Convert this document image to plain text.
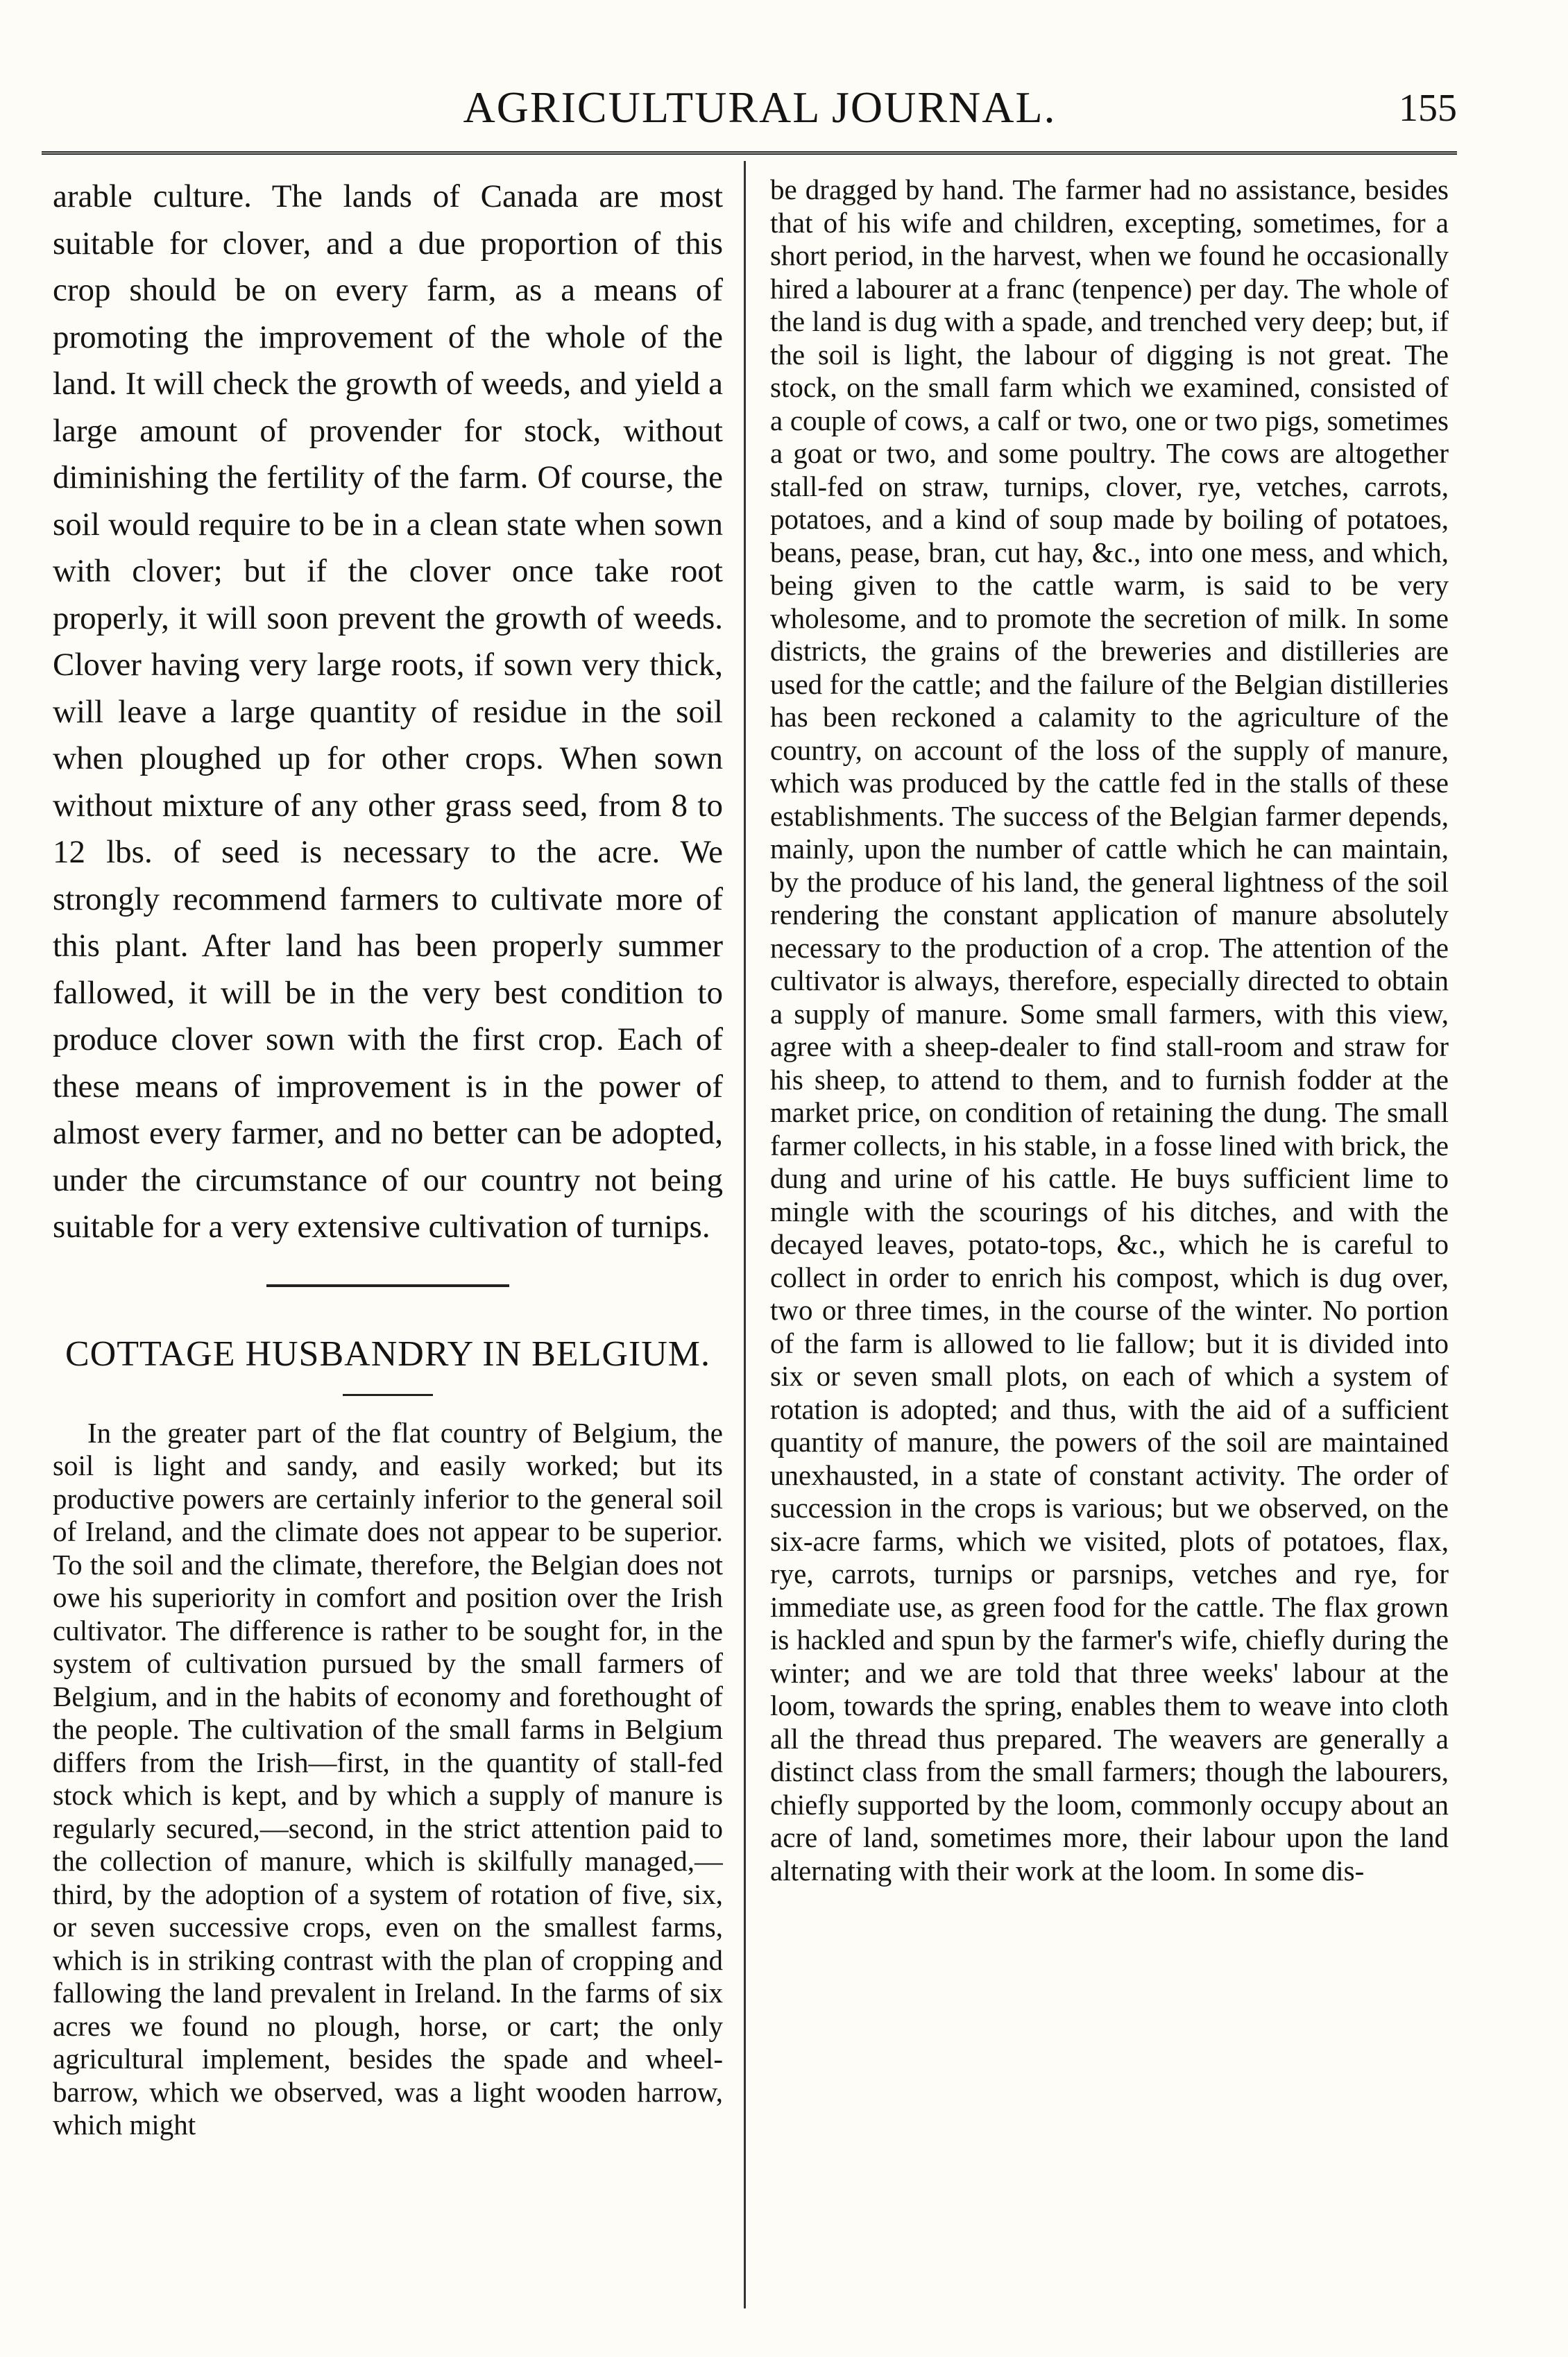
AGRICULTURAL JOURNAL.	155

arable culture. The lands of Canada are most suitable for clover, and a due proportion of this crop should be on every farm, as a means of promoting the improvement of the whole of the land. It will check the growth of weeds, and yield a large amount of provender for stock, without diminishing the fertility of the farm. Of course, the soil would require to be in a clean state when sown with clover; but if the clover once take root properly, it will soon prevent the growth of weeds. Clover having very large roots, if sown very thick, will leave a large quantity of residue in the soil when ploughed up for other crops. When sown without mixture of any other grass seed, from 8 to 12 lbs. of seed is necessary to the acre. We strongly recommend farmers to cultivate more of this plant. After land has been properly summer fallowed, it will be in the very best condition to produce clover sown with the first crop. Each of these means of improvement is in the power of almost every farmer, and no better can be adopted, under the circumstance of our country not being suitable for a very extensive cultivation of turnips.

COTTAGE HUSBANDRY IN BELGIUM.

In the greater part of the flat country of Belgium, the soil is light and sandy, and easily worked; but its productive powers are certainly inferior to the general soil of Ireland, and the climate does not appear to be superior. To the soil and the climate, therefore, the Belgian does not owe his superiority in comfort and position over the Irish cultivator. The difference is rather to be sought for, in the system of cultivation pursued by the small farmers of Belgium, and in the habits of economy and forethought of the people. The cultivation of the small farms in Belgium differs from the Irish—first, in the quantity of stall-fed stock which is kept, and by which a supply of manure is regularly secured,—second, in the strict attention paid to the collection of manure, which is skilfully managed,—third, by the adoption of a system of rotation of five, six, or seven successive crops, even on the smallest farms, which is in striking contrast with the plan of cropping and fallowing the land prevalent in Ireland. In the farms of six acres we found no plough, horse, or cart; the only agricultural implement, besides the spade and wheel-barrow, which we observed, was a light wooden harrow, which might

be dragged by hand. The farmer had no assistance, besides that of his wife and children, excepting, sometimes, for a short period, in the harvest, when we found he occasionally hired a labourer at a franc (tenpence) per day. The whole of the land is dug with a spade, and trenched very deep; but, if the soil is light, the labour of digging is not great. The stock, on the small farm which we examined, consisted of a couple of cows, a calf or two, one or two pigs, sometimes a goat or two, and some poultry. The cows are altogether stall-fed on straw, turnips, clover, rye, vetches, carrots, potatoes, and a kind of soup made by boiling of potatoes, beans, pease, bran, cut hay, &c., into one mess, and which, being given to the cattle warm, is said to be very wholesome, and to promote the secretion of milk. In some districts, the grains of the breweries and distilleries are used for the cattle; and the failure of the Belgian distilleries has been reckoned a calamity to the agriculture of the country, on account of the loss of the supply of manure, which was produced by the cattle fed in the stalls of these establishments. The success of the Belgian farmer depends, mainly, upon the number of cattle which he can maintain, by the produce of his land, the general lightness of the soil rendering the constant application of manure absolutely necessary to the production of a crop. The attention of the cultivator is always, therefore, especially directed to obtain a supply of manure. Some small farmers, with this view, agree with a sheep-dealer to find stall-room and straw for his sheep, to attend to them, and to furnish fodder at the market price, on condition of retaining the dung. The small farmer collects, in his stable, in a fosse lined with brick, the dung and urine of his cattle. He buys sufficient lime to mingle with the scourings of his ditches, and with the decayed leaves, potato-tops, &c., which he is careful to collect in order to enrich his compost, which is dug over, two or three times, in the course of the winter. No portion of the farm is allowed to lie fallow; but it is divided into six or seven small plots, on each of which a system of rotation is adopted; and thus, with the aid of a sufficient quantity of manure, the powers of the soil are maintained unexhausted, in a state of constant activity. The order of succession in the crops is various; but we observed, on the six-acre farms, which we visited, plots of potatoes, flax, rye, carrots, turnips or parsnips, vetches and rye, for immediate use, as green food for the cattle. The flax grown is hackled and spun by the farmer's wife, chiefly during the winter; and we are told that three weeks' labour at the loom, towards the spring, enables them to weave into cloth all the thread thus prepared. The weavers are generally a distinct class from the small farmers; though the labourers, chiefly supported by the loom, commonly occupy about an acre of land, sometimes more, their labour upon the land alternating with their work at the loom. In some dis-
